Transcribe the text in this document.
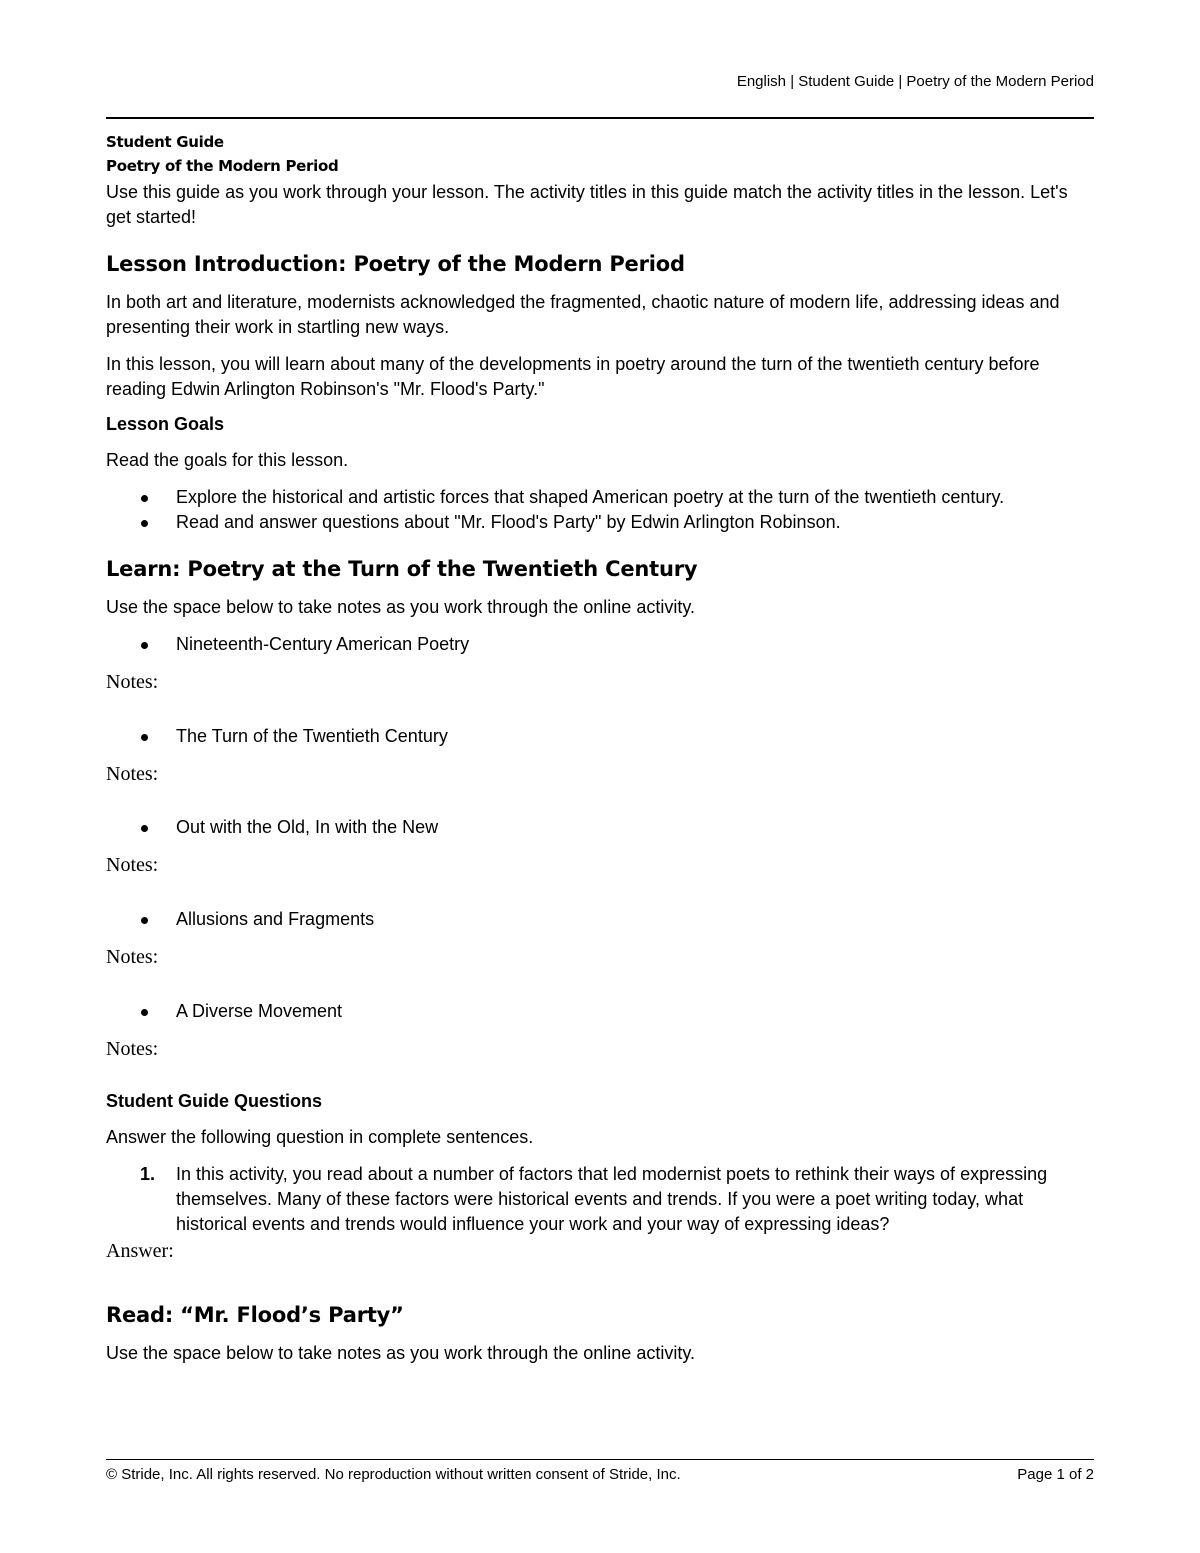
English | Student Guide | Poetry of the Modern Period
Student Guide
Poetry of the Modern Period

Use this guide as you work through your lesson. The activity titles in this guide match the activity titles in the lesson. Let's get started!

Lesson Introduction: Poetry of the Modern Period

In both art and literature, modernists acknowledged the fragmented, chaotic nature of modern life, addressing ideas and presenting their work in startling new ways.

In this lesson, you will learn about many of the developments in poetry around the turn of the twentieth century before reading Edwin Arlington Robinson's "Mr. Flood's Party."

Lesson Goals

Read the goals for this lesson.

Explore the historical and artistic forces that shaped American poetry at the turn of the twentieth century.
Read and answer questions about "Mr. Flood's Party" by Edwin Arlington Robinson.
Learn: Poetry at the Turn of the Twentieth Century

Use the space below to take notes as you work through the online activity.

Nineteenth-Century American Poetry
Notes:
The Turn of the Twentieth Century
Notes:
Out with the Old, In with the New
Notes:
Allusions and Fragments
Notes:
A Diverse Movement
Notes:
Student Guide Questions

Answer the following question in complete sentences.

1. In this activity, you read about a number of factors that led modernist poets to rethink their ways of expressing themselves. Many of these factors were historical events and trends. If you were a poet writing today, what historical events and trends would influence your work and your way of expressing ideas?
Answer:
Read: “Mr. Flood’s Party”

Use the space below to take notes as you work through the online activity.

© Stride, Inc. All rights reserved. No reproduction without written consent of Stride, Inc.	Page 1 of 2
